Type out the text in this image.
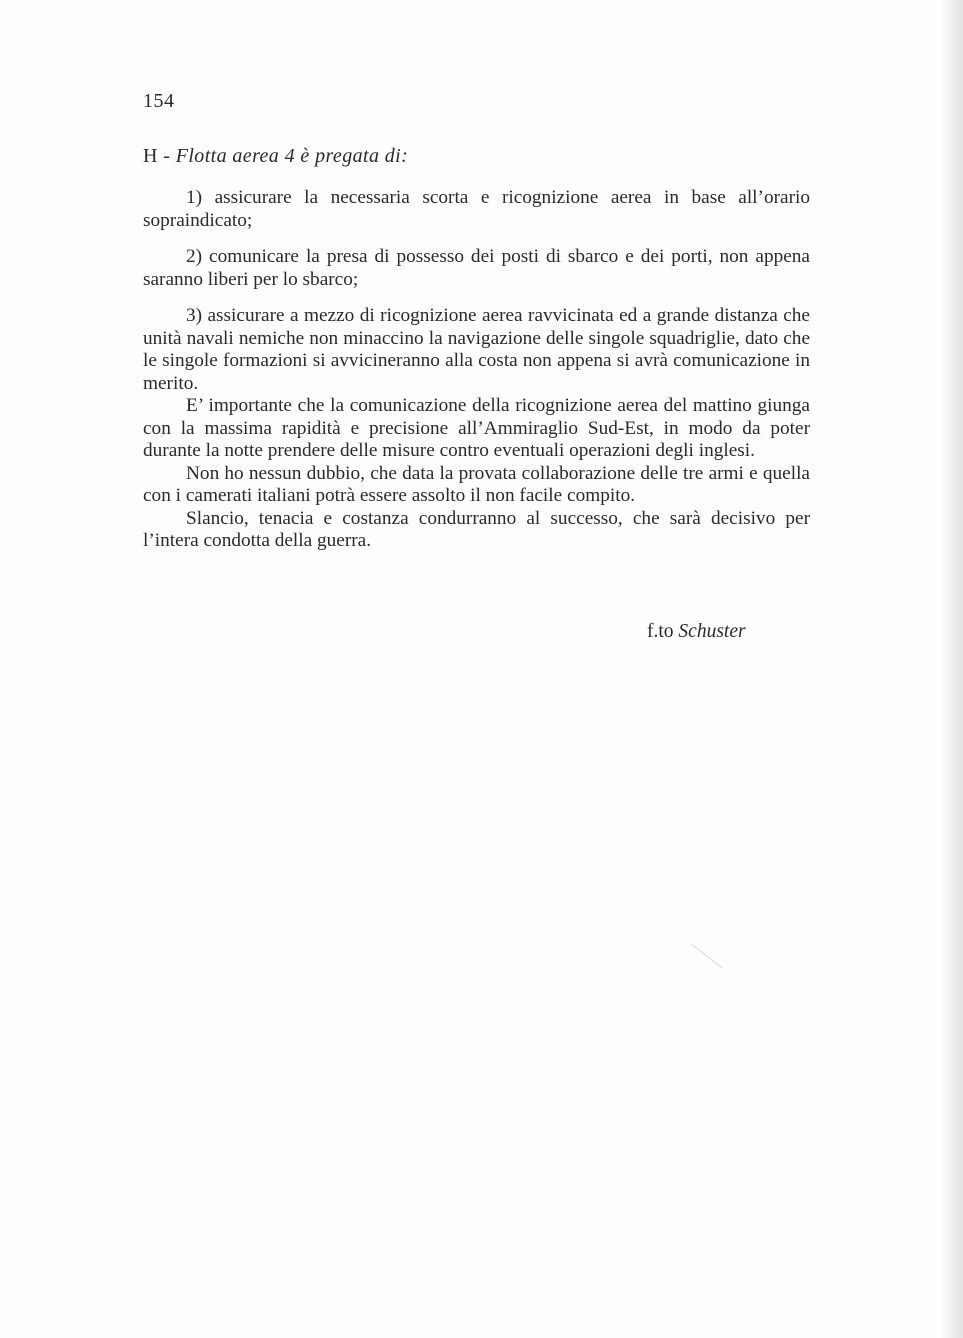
154
H - Flotta aerea 4 è pregata di:

1) assicurare la necessaria scorta e ricognizione aerea in base all’orario sopraindicato;

2) comunicare la presa di possesso dei posti di sbarco e dei porti, non appena saranno liberi per lo sbarco;

3) assicurare a mezzo di ricognizione aerea ravvicinata ed a grande distanza che unità navali nemiche non minaccino la navigazione delle singole squadriglie, dato che le singole formazioni si avvicineranno alla costa non appena si avrà comunicazione in merito.

E’ importante che la comunicazione della ricognizione aerea del mattino giunga con la massima rapidità e precisione all’Ammiraglio Sud-Est, in modo da poter durante la notte prendere delle misure contro eventuali operazioni degli inglesi.

Non ho nessun dubbio, che data la provata collaborazione delle tre armi e quella con i camerati italiani potrà essere assolto il non facile compito.

Slancio, tenacia e costanza condurranno al successo, che sarà decisivo per l’intera condotta della guerra.

f.to Schuster
